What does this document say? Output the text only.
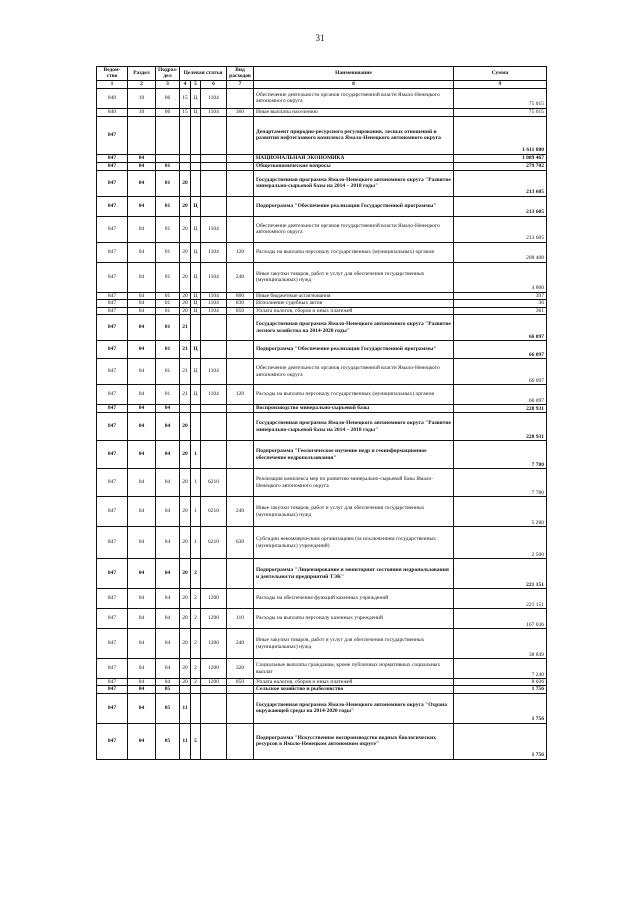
31
Ведом-ство	Раздел	Подраз-дел	Целевая статья			Вид расходов	Наименование	Сумма
1	2	3	4	5	6	7	8	9
840	10	06	15	Ц	1104		Обеспечение деятельности органов государственной власти Ямало-Ненецкого автономного округа	75 015
840	10	06	15	Ц	1104	360	Иные выплаты населению	75 015
847							Департамент природно-ресурсного регулирования, лесных отношений и развития нефтегазового комплекса Ямало-Ненецкого автономного округа	1 611 880
847	04						НАЦИОНАЛЬНАЯ ЭКОНОМИКА	1 089 467
847	04	01					Общеэкономические вопросы	279 702
847	04	01	20				Государственная программа Ямало-Ненецкого автономного округа "Развитие минерально-сырьевой базы на 2014 – 2018 годы"	213 605
847	04	01	20	Ц			Подпрограмма "Обеспечение реализации Государственной программы"	213 605
847	04	01	20	Ц	1104		Обеспечение деятельности органов государственной власти Ямало-Ненецкого автономного округа	213 605
847	04	01	20	Ц	1104	120	Расходы на выплаты персоналу государственных (муниципальных) органов	208 408
847	04	01	20	Ц	1104	240	Иные закупки товаров, работ и услуг для обеспечения государственных (муниципальных) нужд	4 800
847	04	01	20	Ц	1104	800	Иные бюджетные ассигнования	397
847	04	01	20	Ц	1104	830	Исполнение судебных актов	36
847	04	01	20	Ц	1104	850	Уплата налогов, сборов и иных платежей	361
847	04	01	21				Государственная программа Ямало-Ненецкого автономного округа "Развитие лесного хозяйства на 2014-2020 годы"	66 097
847	04	01	21	Ц			Подпрограмма "Обеспечение реализации Государственной программы"	66 097
847	04	01	21	Ц	1104		Обеспечение деятельности органов государственной власти Ямало-Ненецкого автономного округа	66 097
847	04	01	21	Ц	1104	120	Расходы на выплаты персоналу государственных (муниципальных) органов	66 097
847	04	04					Воспроизводство минерально-сырьевой базы	228 931
847	04	04	20				Государственная программа Ямало-Ненецкого автономного округа "Развитие минерально-сырьевой базы на 2014 – 2018 годы"	228 931
847	04	04	20	1			Подпрограмма "Геологическое изучение недр и геоинформационное обеспечение недропользования"	7 780
847	04	04	20	1	6210		Реализация комплекса мер по развитию минерально-сырьевой базы Ямало-Ненецкого автономного округа	7 780
847	04	04	20	1	6210	240	Иные закупки товаров, работ и услуг для обеспечения государственных (муниципальных) нужд	5 280
847	04	04	20	1	6210	630	Субсидии некоммерческим организациям (за исключением государственных (муниципальных) учреждений)	2 500
847	04	04	20	2			Подпрограмма "Лицензирование и мониторинг состояния недропользования и деятельности предприятий ТЭК"	221 151
847	04	04	20	2	1200		Расходы на обеспечение функций казенных учреждений	221 151
847	04	04	20	2	1200	110	Расходы на выплаты персоналу казенных учреждений	167 036
847	04	04	20	2	1200	240	Иные закупки товаров, работ и услуг для обеспечения государственных (муниципальных) нужд	38 849
847	04	04	20	2	1200	320	Социальные выплаты гражданам, кроме публичных нормативных социальных выплат	7 240
847	04	04	20	2	1200	850	Уплата налогов, сборов и иных платежей	8 026
847	04	05					Сельское хозяйство и рыболовство	1 756
847	04	05	11				Государственная программа Ямало-Ненецкого автономного округа "Охрана окружающей среды на 2014-2020 годы"	1 756
847	04	05	11	5			Подпрограмма "Искусственное воспроизводство водных биологических ресурсов в Ямало-Ненецком автономном округе"	1 756
